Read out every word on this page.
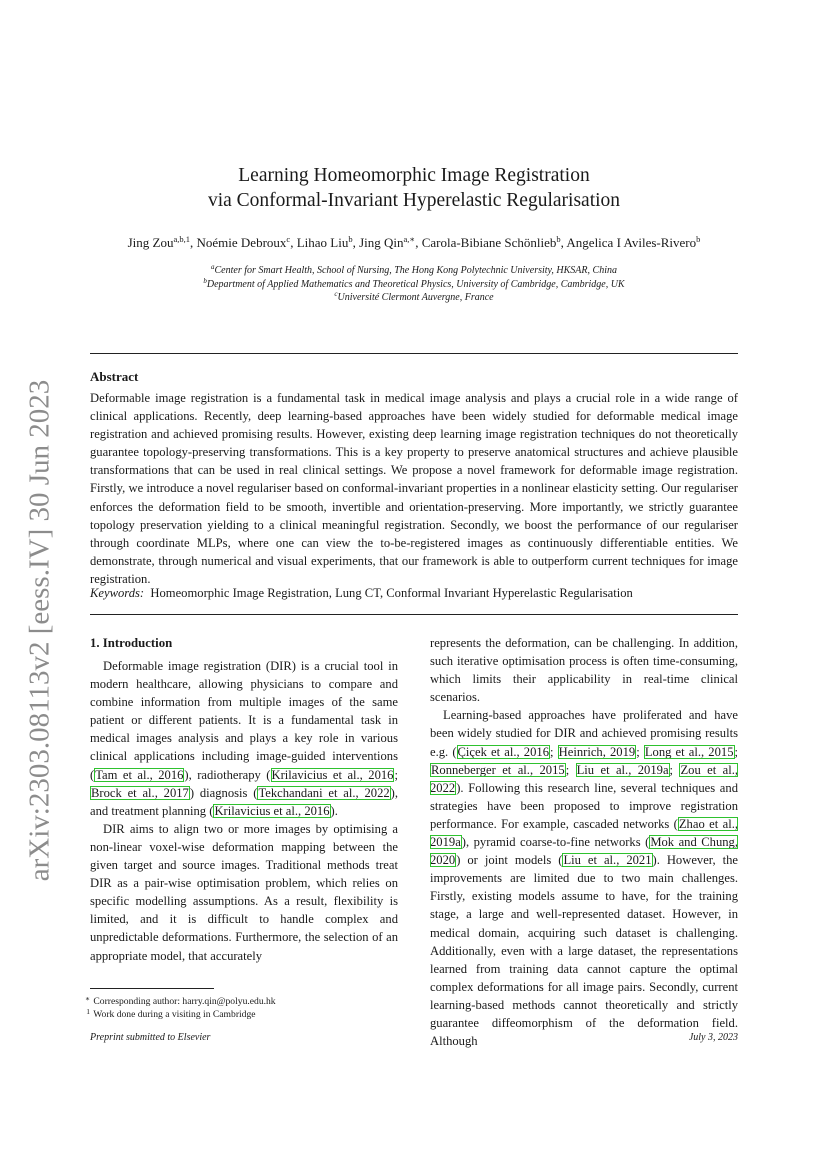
arXiv:2303.08113v2 [eess.IV] 30 Jun 2023
Learning Homeomorphic Image Registration
via Conformal-Invariant Hyperelastic Regularisation
Jing Zou$^{a,b,1}$, Noémie Debroux$^c$, Lihao Liu$^b$, Jing Qin$^{a,∗}$, Carola-Bibiane Schönlieb$^b$, Angelica I Aviles-Rivero$^b$
$^a$Center for Smart Health, School of Nursing, The Hong Kong Polytechnic University, HKSAR, China
$^b$Department of Applied Mathematics and Theoretical Physics, University of Cambridge, Cambridge, UK
$^c$Université Clermont Auvergne, France
Abstract

Deformable image registration is a fundamental task in medical image analysis and plays a crucial role in a wide range of clinical applications. Recently, deep learning-based approaches have been widely studied for deformable medical image registration and achieved promising results. However, existing deep learning image registration techniques do not theoretically guarantee topology-preserving transformations. This is a key property to preserve anatomical structures and achieve plausible transformations that can be used in real clinical settings. We propose a novel framework for deformable image registration. Firstly, we introduce a novel regulariser based on conformal-invariant properties in a nonlinear elasticity setting. Our regulariser enforces the deformation field to be smooth, invertible and orientation-preserving. More importantly, we strictly guarantee topology preservation yielding to a clinical meaningful registration. Secondly, we boost the performance of our regulariser through coordinate MLPs, where one can view the to-be-registered images as continuously differentiable entities. We demonstrate, through numerical and visual experiments, that our framework is able to outperform current techniques for image registration.

Keywords: Homeomorphic Image Registration, Lung CT, Conformal Invariant Hyperelastic Regularisation
1. Introduction

Deformable image registration (DIR) is a crucial tool in modern healthcare, allowing physicians to compare and combine information from multiple images of the same patient or different patients. It is a fundamental task in medical images analysis and plays a key role in various clinical applications including image-guided interventions (Tam et al., 2016), radiotherapy (Krilavicius et al., 2016; Brock et al., 2017) diagnosis (Tekchandani et al., 2022), and treatment planning (Krilavicius et al., 2016).

DIR aims to align two or more images by optimising a non-linear voxel-wise deformation mapping between the given target and source images. Traditional methods treat DIR as a pair-wise optimisation problem, which relies on specific modelling assumptions. As a result, flexibility is limited, and it is difficult to handle complex and unpredictable deformations. Furthermore, the selection of an appropriate model, that accurately

represents the deformation, can be challenging. In addition, such iterative optimisation process is often time-consuming, which limits their applicability in real-time clinical scenarios.

Learning-based approaches have proliferated and have been widely studied for DIR and achieved promising results e.g. (Çiçek et al., 2016; Heinrich, 2019; Long et al., 2015; Ronneberger et al., 2015; Liu et al., 2019a; Zou et al., 2022). Following this research line, several techniques and strategies have been proposed to improve registration performance. For example, cascaded networks (Zhao et al., 2019a), pyramid coarse-to-fine networks (Mok and Chung, 2020) or joint models (Liu et al., 2021). However, the improvements are limited due to two main challenges. Firstly, existing models assume to have, for the training stage, a large and well-represented dataset. However, in medical domain, acquiring such dataset is challenging. Additionally, even with a large dataset, the representations learned from training data cannot capture the optimal complex deformations for all image pairs. Secondly, current learning-based methods cannot theoretically and strictly guarantee diffeomorphism of the deformation field. Although

∗ Corresponding author: harry.qin@polyu.edu.hk
1 Work done during a visiting in Cambridge
Preprint submitted to Elsevier	July 3, 2023
